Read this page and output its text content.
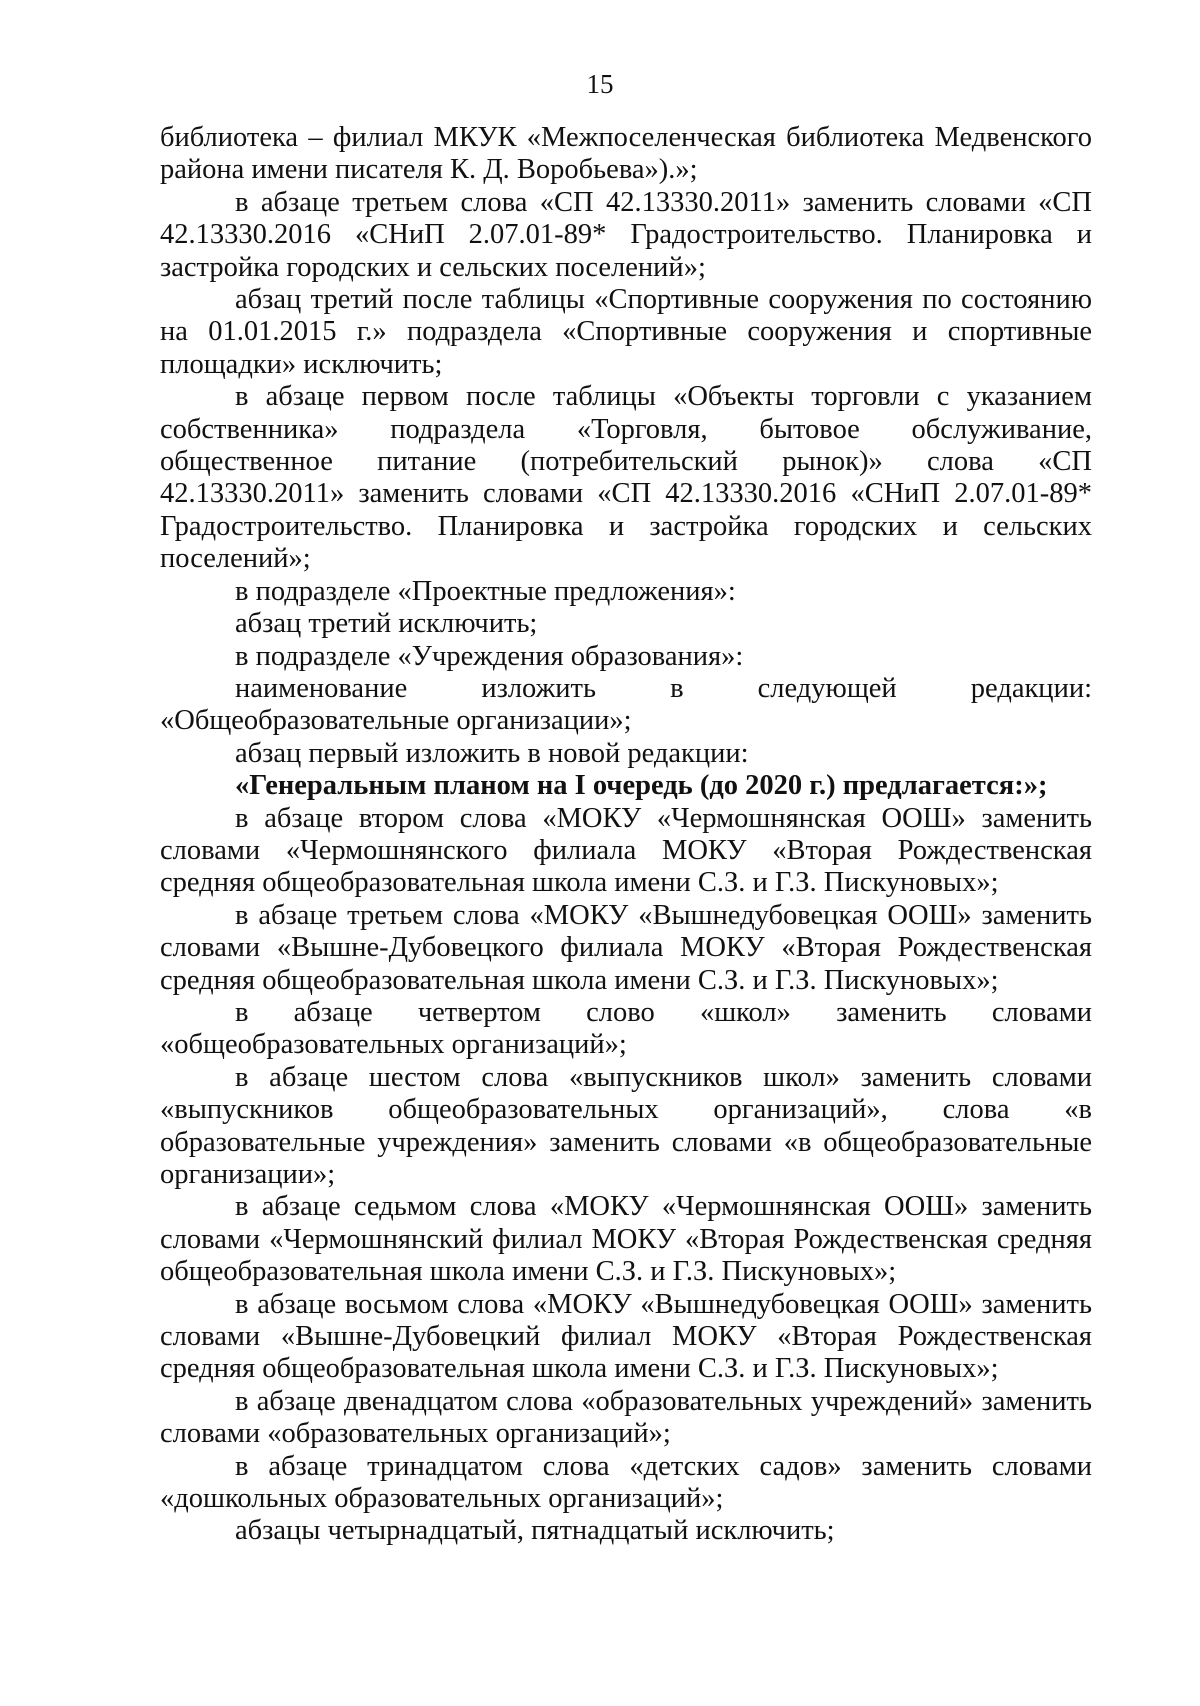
15

библиотека – филиал МКУК «Межпоселенческая библиотека Медвенского района имени писателя К. Д. Воробьева»).»;

в абзаце третьем слова «СП 42.13330.2011» заменить словами «СП 42.13330.2016 «СНиП 2.07.01-89* Градостроительство. Планировка и застройка городских и сельских поселений»;

абзац третий после таблицы «Спортивные сооружения по состоянию на 01.01.2015 г.» подраздела «Спортивные сооружения и спортивные площадки» исключить;

в абзаце первом после таблицы «Объекты торговли с указанием собственника» подраздела «Торговля, бытовое обслуживание, общественное питание (потребительский рынок)» слова «СП 42.13330.2011» заменить словами «СП 42.13330.2016 «СНиП 2.07.01-89* Градостроительство. Планировка и застройка городских и сельских поселений»;

в подразделе «Проектные предложения»:

абзац третий исключить;

в подразделе «Учреждения образования»:

наименование изложить в следующей редакции: «Общеобразовательные организации»;

абзац первый изложить в новой редакции:

«Генеральным планом на I очередь (до 2020 г.) предлагается:»;

в абзаце втором слова «МОКУ «Чермошнянская ООШ» заменить словами «Чермошнянского филиала МОКУ «Вторая Рождественская средняя общеобразовательная школа имени С.З. и Г.З. Пискуновых»;

в абзаце третьем слова «МОКУ «Вышнедубовецкая ООШ» заменить словами «Вышне-Дубовецкого филиала МОКУ «Вторая Рождественская средняя общеобразовательная школа имени С.З. и Г.З. Пискуновых»;

в абзаце четвертом слово «школ» заменить словами «общеобразовательных организаций»;

в абзаце шестом слова «выпускников школ» заменить словами «выпускников общеобразовательных организаций», слова «в образовательные учреждения» заменить словами «в общеобразовательные организации»;

в абзаце седьмом слова «МОКУ «Чермошнянская ООШ» заменить словами «Чермошнянский филиал МОКУ «Вторая Рождественская средняя общеобразовательная школа имени С.З. и Г.З. Пискуновых»;

в абзаце восьмом слова «МОКУ «Вышнедубовецкая ООШ» заменить словами «Вышне-Дубовецкий филиал МОКУ «Вторая Рождественская средняя общеобразовательная школа имени С.З. и Г.З. Пискуновых»;

в абзаце двенадцатом слова «образовательных учреждений» заменить словами «образовательных организаций»;

в абзаце тринадцатом слова «детских садов» заменить словами «дошкольных образовательных организаций»;

абзацы четырнадцатый, пятнадцатый исключить;
